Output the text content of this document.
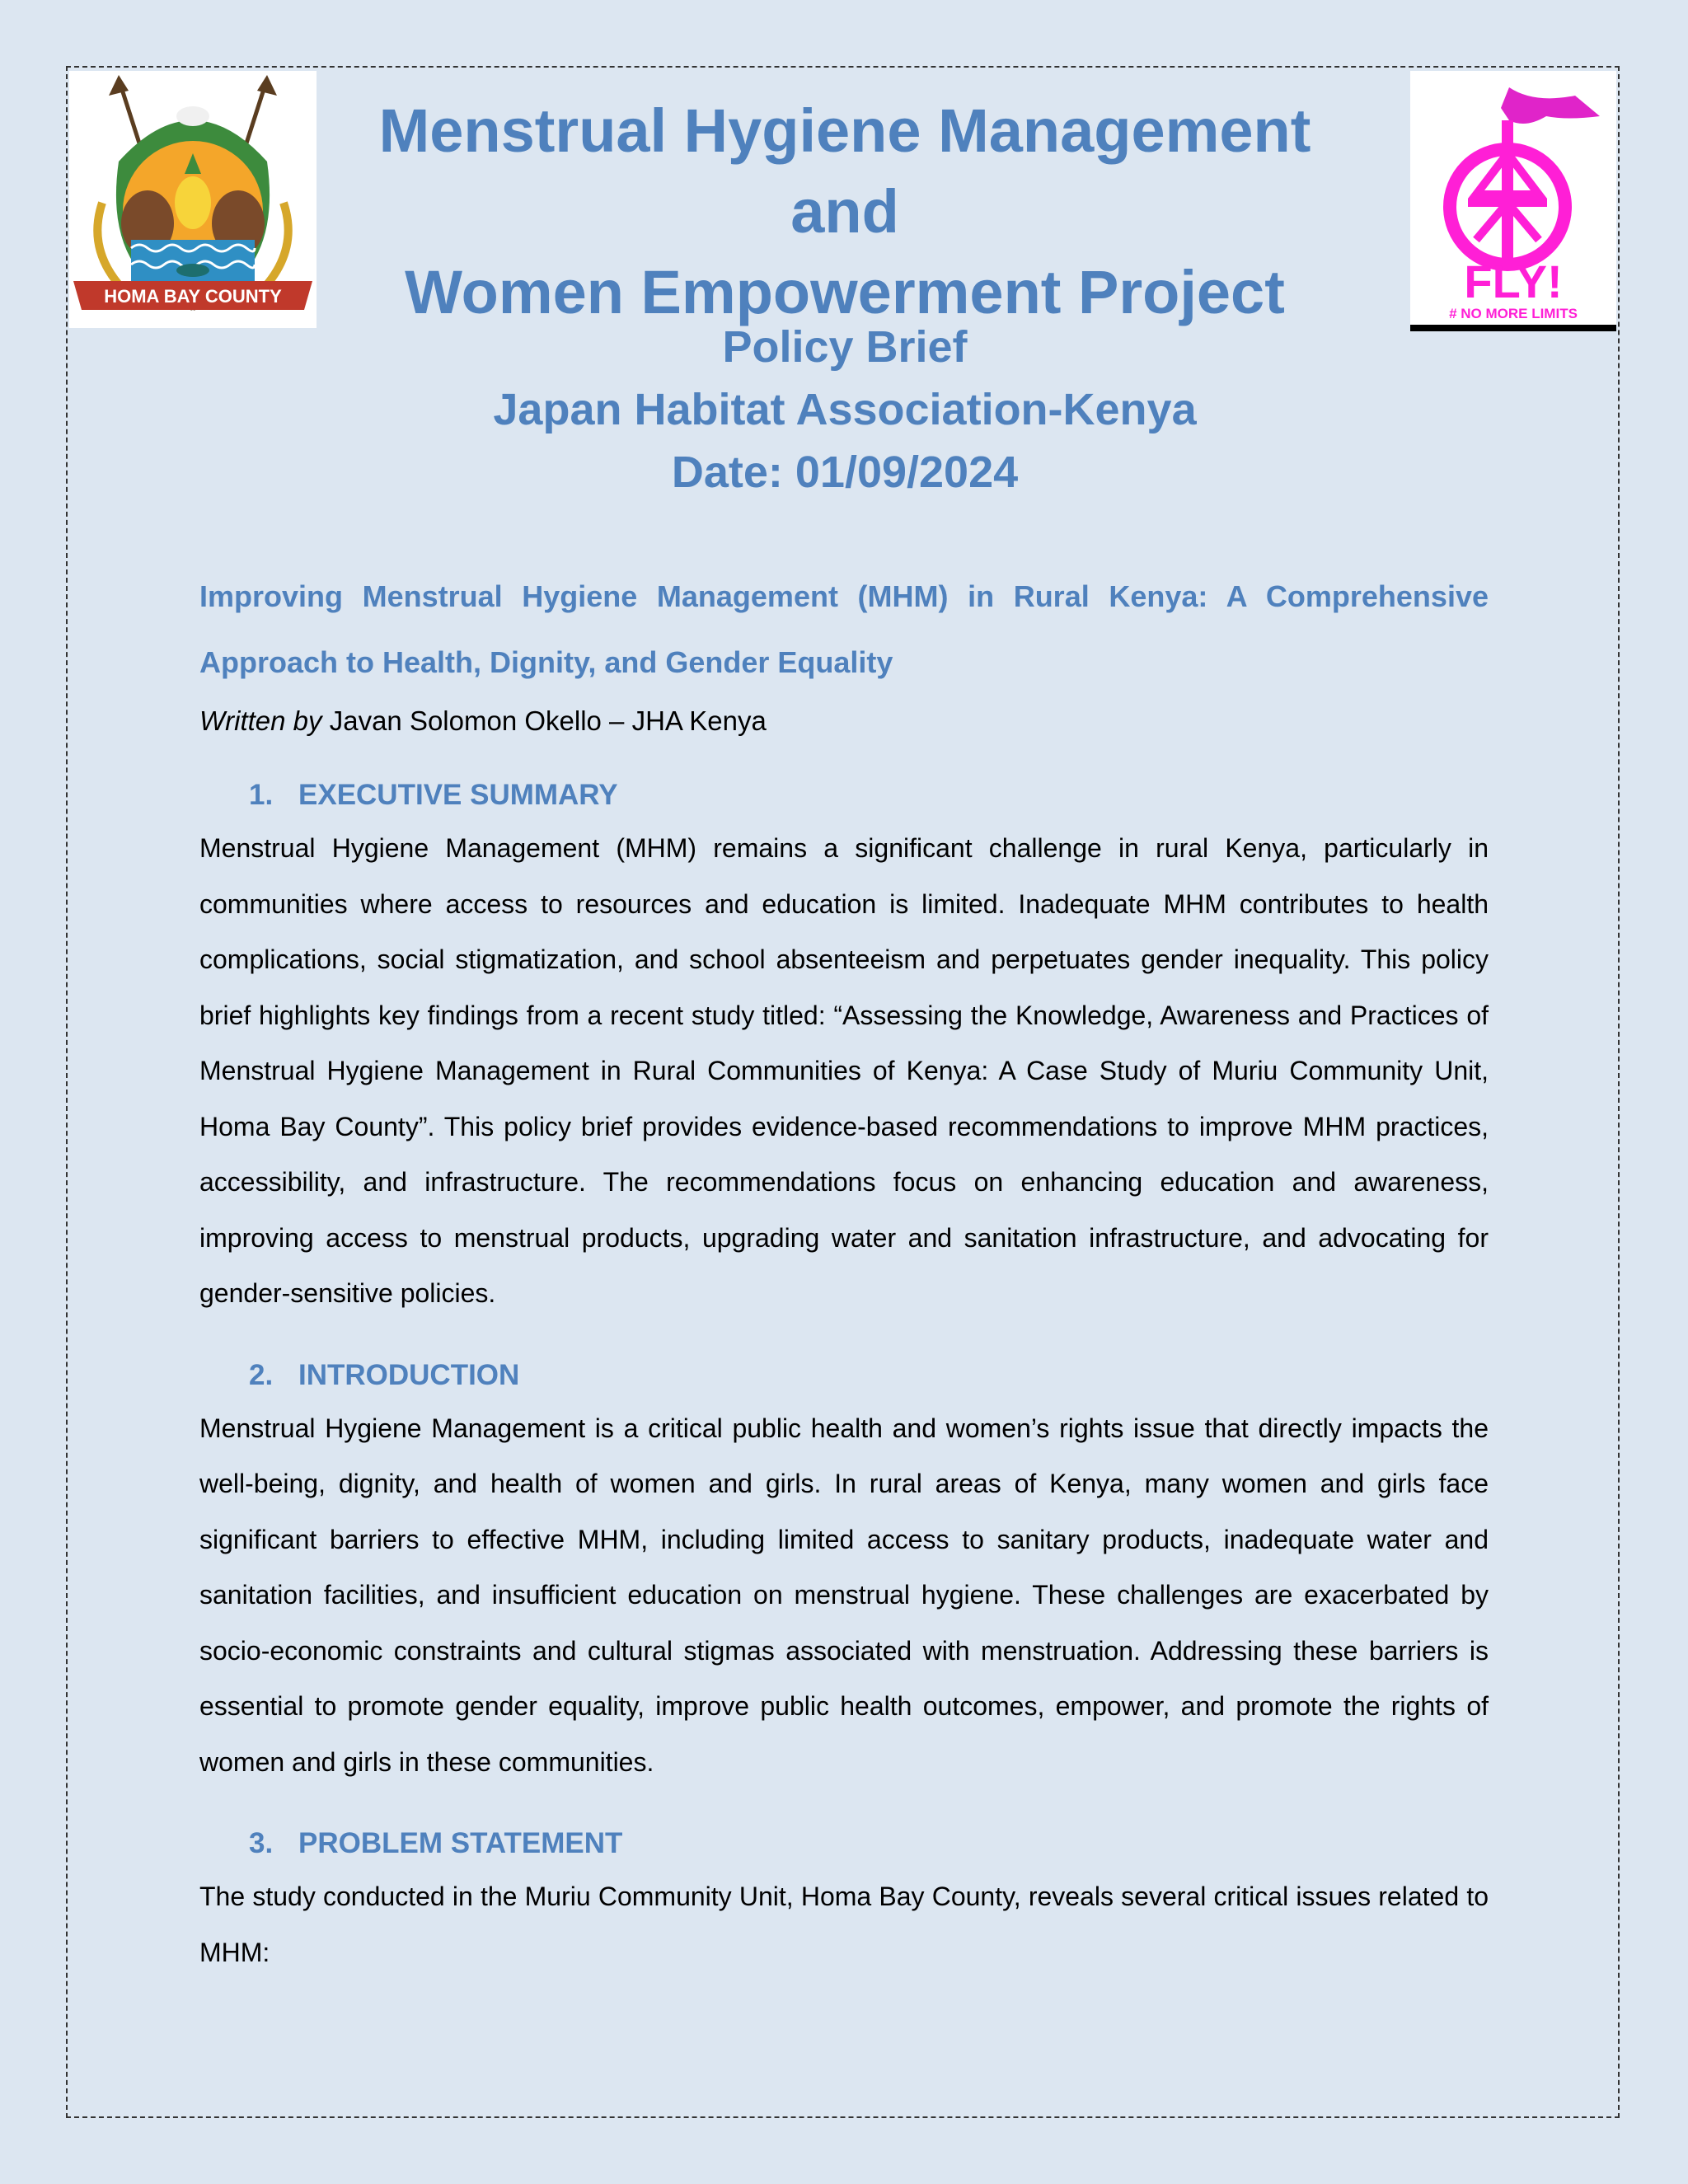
HOMA BAY COUNTY	FLY!
# NO MORE LIMITS
Menstrual Hygiene Management and
Women Empowerment Project
Policy Brief
Japan Habitat Association-Kenya
Date: 01/09/2024

Improving Menstrual Hygiene Management (MHM) in Rural Kenya: A Comprehensive Approach to Health, Dignity, and Gender Equality

Written by Javan Solomon Okello – JHA Kenya

1. EXECUTIVE SUMMARY

Menstrual Hygiene Management (MHM) remains a significant challenge in rural Kenya, particularly in communities where access to resources and education is limited. Inadequate MHM contributes to health complications, social stigmatization, and school absenteeism and perpetuates gender inequality. This policy brief highlights key findings from a recent study titled: “Assessing the Knowledge, Awareness and Practices of Menstrual Hygiene Management in Rural Communities of Kenya: A Case Study of Muriu Community Unit, Homa Bay County”. This policy brief provides evidence-based recommendations to improve MHM practices, accessibility, and infrastructure. The recommendations focus on enhancing education and awareness, improving access to menstrual products, upgrading water and sanitation infrastructure, and advocating for gender-sensitive policies.

2. INTRODUCTION

Menstrual Hygiene Management is a critical public health and women’s rights issue that directly impacts the well-being, dignity, and health of women and girls. In rural areas of Kenya, many women and girls face significant barriers to effective MHM, including limited access to sanitary products, inadequate water and sanitation facilities, and insufficient education on menstrual hygiene. These challenges are exacerbated by socio-economic constraints and cultural stigmas associated with menstruation. Addressing these barriers is essential to promote gender equality, improve public health outcomes, empower, and promote the rights of women and girls in these communities.

3. PROBLEM STATEMENT

The study conducted in the Muriu Community Unit, Homa Bay County, reveals several critical issues related to MHM:
